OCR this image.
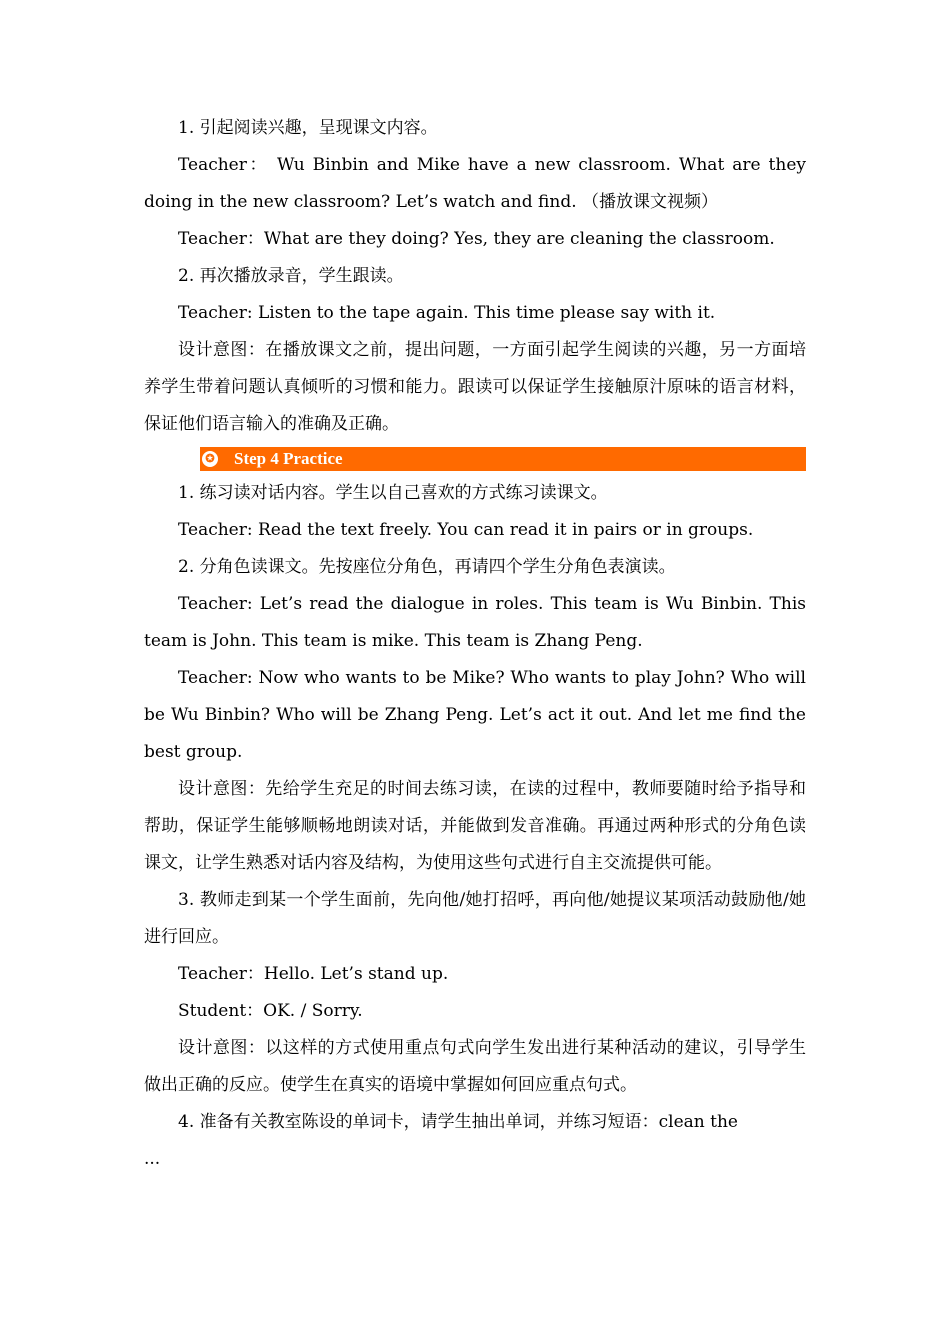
1. 引起阅读兴趣，呈现课文内容。

Teacher： Wu Binbin and Mike have a new classroom. What are they doing in the new classroom? Let’s watch and find. （播放课文视频）

Teacher：What are they doing? Yes, they are cleaning the classroom.

2. 再次播放录音，学生跟读。

Teacher: Listen to the tape again. This time please say with it.

设计意图：在播放课文之前，提出问题，一方面引起学生阅读的兴趣，另一方面培养学生带着问题认真倾听的习惯和能力。跟读可以保证学生接触原汁原味的语言材料，保证他们语言输入的准确及正确。

✪ Step 4 Practice

1. 练习读对话内容。学生以自己喜欢的方式练习读课文。

Teacher: Read the text freely. You can read it in pairs or in groups.

2. 分角色读课文。先按座位分角色，再请四个学生分角色表演读。

Teacher: Let’s read the dialogue in roles. This team is Wu Binbin. This team is John. This team is mike. This team is Zhang Peng.

Teacher: Now who wants to be Mike? Who wants to play John? Who will be Wu Binbin? Who will be Zhang Peng. Let’s act it out. And let me find the best group.

设计意图：先给学生充足的时间去练习读，在读的过程中，教师要随时给予指导和帮助，保证学生能够顺畅地朗读对话，并能做到发音准确。再通过两种形式的分角色读课文，让学生熟悉对话内容及结构，为使用这些句式进行自主交流提供可能。

3. 教师走到某一个学生面前，先向他/她打招呼，再向他/她提议某项活动鼓励他/她进行回应。

Teacher：Hello. Let’s stand up.

Student：OK. / Sorry.

设计意图：以这样的方式使用重点句式向学生发出进行某种活动的建议，引导学生做出正确的反应。使学生在真实的语境中掌握如何回应重点句式。

4. 准备有关教室陈设的单词卡，请学生抽出单词，并练习短语：clean the

...
